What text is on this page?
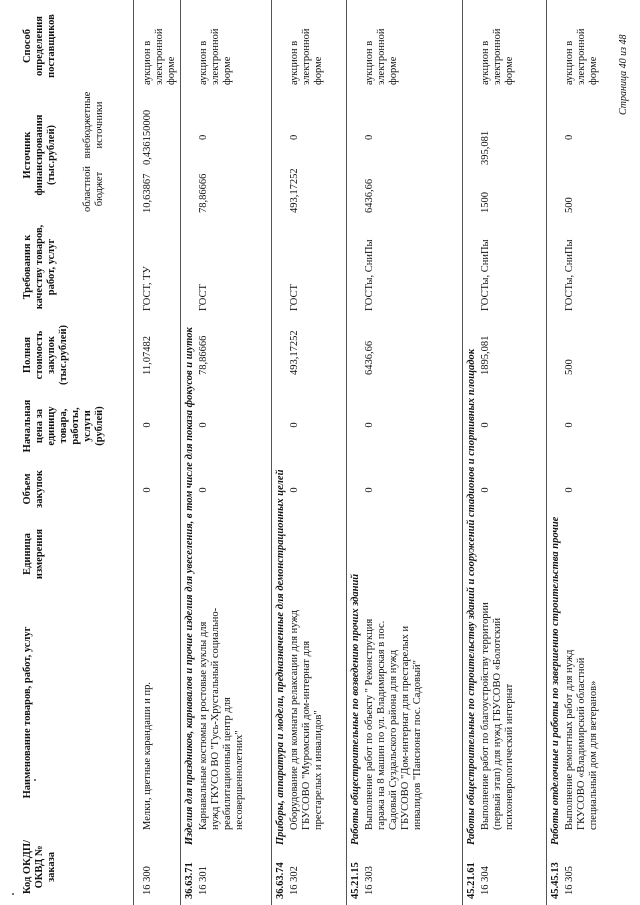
Код ОКДП/ ОКВД № заказа
Наименование товаров, работ, услуг
Единица измерения
Объем закупок
Начальная цена за единицу товара, работы, услуги (рублей)
Полная стоимость закупок (тыс.рублей)
Требования к качеству товаров, работ, услуг
Источник финансирования (тыс.рублей)
областной бюджет
внебюджетные источники
Способ определения поставщиков
16 300
Мелки, цветные карандаши и пр.
0
0
11,07482
ГОСТ, ТУ
10,63867
0,436150000
аукцион в электронной форме
36.63.71
Изделия для праздников, карнавалов и прочие изделия для увеселения, в том числе для показа фокусов и шуток
16 301
Карнавальные костюмы и ростовые куклы для нужд ГКУСО ВО "Гусь-Хрустальный социально-реабилитационный центр для несовершеннолетних"
0
0
78,86666
ГОСТ
78,86666
0
аукцион в электронной форме
36.63.74
Приборы, аппаратура и модели, предназначенные для демонстрационных целей
16 302
Оборудование для комнаты релаксации для нужд ГБУСОВО "Муромский дом-интернат для престарелых и инвалидов"
0
0
493,17252
ГОСТ
493,17252
0
аукцион в электронной форме
45.21.15
Работы общестроительные по возведению прочих зданий
16 303
Выполнение работ по объекту " Реконструкция гаража на 8 машин по ул. Владимирская в пос. Садовый Суздальского района для нужд ГБУСОВО "Дом-интернат для престарелых и инвалидов "Пансионат пос. Садовый"
0
0
6436,66
ГОСТы, СниПы
6436,66
0
аукцион в электронной форме
45.21.61
Работы общестроительные по строительству зданий и сооружений стадионов и спортивных площадок
16 304
Выполнение работ по благоустройству территории (первый этап) для нужд ГБУСОВО «Болотский психоневрологический интернат
0
0
1895,081
ГОСТы, СниПы
1500
395,081
аукцион в электронной форме
45.45.13
Работы отделочные и работы по завершению строительства прочие
16 305
Выполнение ремонтных работ для нужд ГКУСОВО «Владимирский областной специальный дом для ветеранов»
0
0
500
ГОСТы, СниПы
500
0
аукцион в электронной форме Страница 40 из 48
